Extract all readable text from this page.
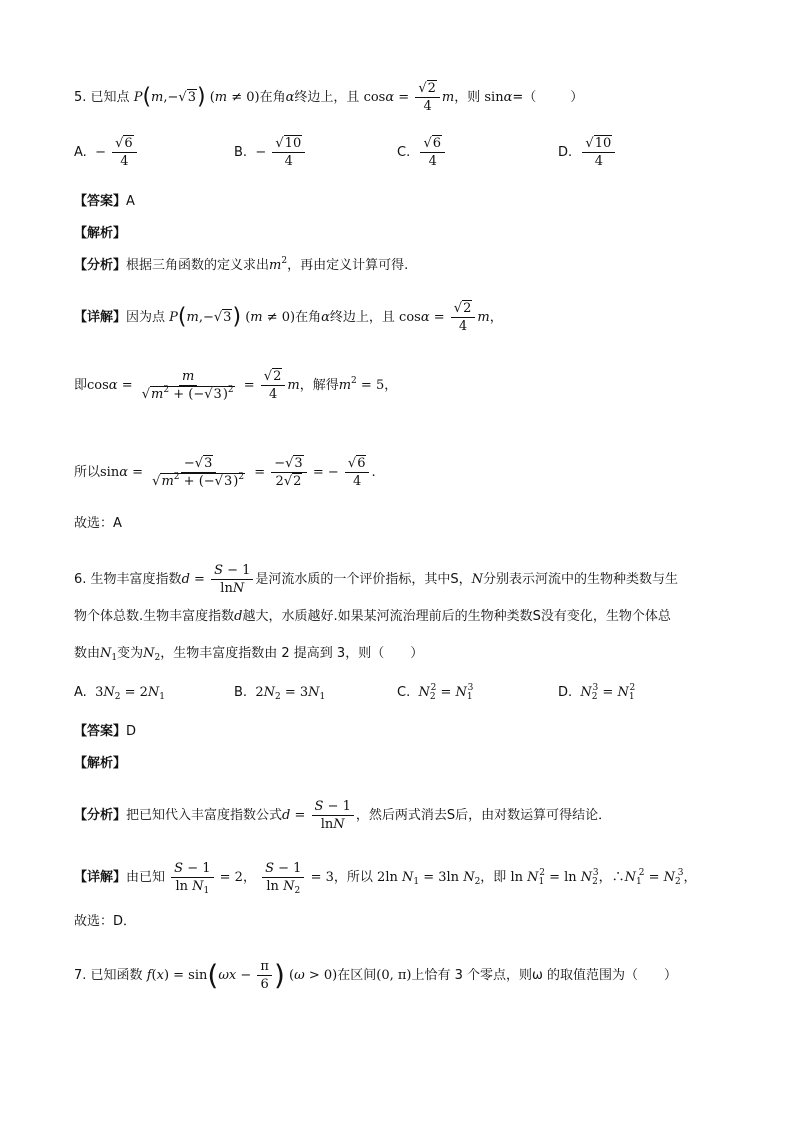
5. 已知点 P(m,− √ 3) (m ≠ 0)在角α终边上，且 cosα = √ $\frac{2}{4}$ m，则 sinα=（	）
A. − √ $\frac{6}{4}$	B. − √ $\frac{10}{4}$	C. √ $\frac{6}{4}$	D. √ $\frac{10}{4}$
【答案】A
【解析】
【分析】根据三角函数的定义求出$m^2$，再由定义计算可得.
【详解】因为点 P(m,− √ 3) (m ≠ 0)在角α终边上，且 cosα = √ $\frac{2}{4}$ m，
即cosα = m
√ $m^2$ + (− √ 3)$^2$ = √ $\frac{2}{4}$ m，解得$m^2 = 5$，
所以sinα = − √ 3
√ $m^2$ + (− √ $3)^2 = \frac{- √ 3}{2 √ 2}$ = − √ $\frac{6}{4}$ .
故选：A
6. 生物丰富度指数$d = \frac{S - 1}{\ln N}$ 是河流水质的一个评价指标，其中S，N分别表示河流中的生物种类数与生
物个体总数.生物丰富度指数d越大，水质越好.如果某河流治理前后的生物种类数S没有变化，生物个体总
数由$N_1$变为$N_2$，生物丰富度指数由 2 提高到 3，则（　　）
A. $3N_2 = 2N_1$	B. $2N_2 = 3N_1$	C. $N_2^2 = N_1^3$	D. $N_2^3 = N_1^2$
【答案】D
【解析】
【分析】把已知代入丰富度指数公式$d = \frac{S - 1}{\ln N}$ ，然后两式消去S后，由对数运算可得结论．
【详解】由已知 $\frac{S - 1}{\ln N_1} = 2$， $\frac{S - 1}{\ln N_2} = 3$，所以 2ln $N_1 = 3\ln$ $N_2$，即 $\ln N_1^2 = \ln N_2^3$，$\therefore N_1^2 = N_2^3$，
故选：D．
7. 已知函数 $f(x) = \sin(\omega x - \frac{\pi}{6}$ ) (ω > 0)在区间(0, π)上恰有 3 个零点，则ω 的取值范围为（　　）
